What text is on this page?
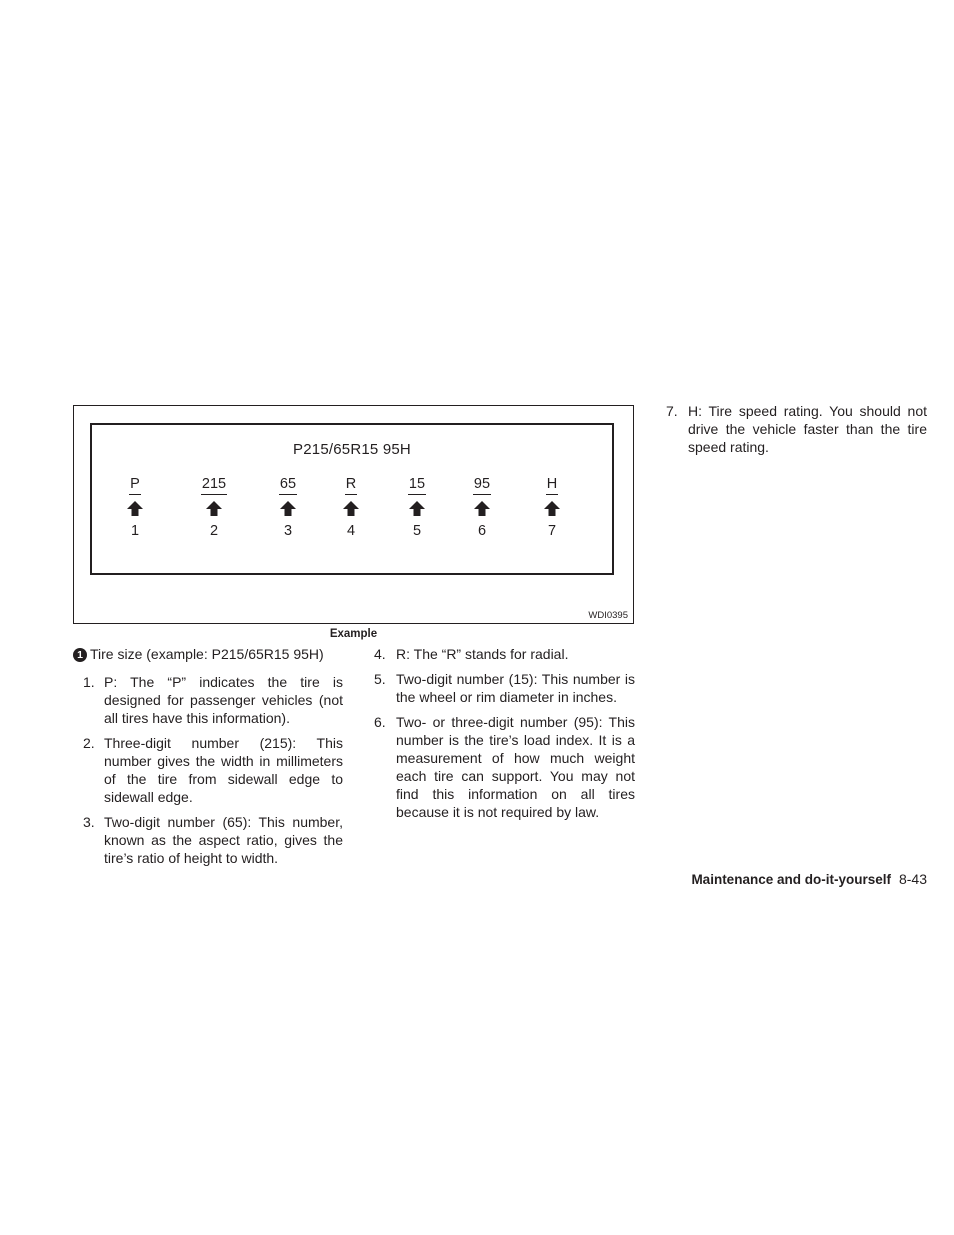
P215/65R15 95H
P
1
215
2
65
3
R
4
15
5
95
6
H
7
WDI0395
Example

1 Tire size (example: P215/65R15 95H)

1. P: The “P” indicates the tire is designed for passenger vehicles (not all tires have this information).
2. Three-digit number (215): This number gives the width in millimeters of the tire from sidewall edge to sidewall edge.
3. Two-digit number (65): This number, known as the aspect ratio, gives the tire’s ratio of height to width.
4. R: The “R” stands for radial.
5. Two-digit number (15): This number is the wheel or rim diameter in inches.
6. Two- or three-digit number (95): This number is the tire’s load index. It is a measurement of how much weight each tire can support. You may not find this information on all tires because it is not required by law.
7. H: Tire speed rating. You should not drive the vehicle faster than the tire speed rating.
Maintenance and do-it-yourself 8-43
